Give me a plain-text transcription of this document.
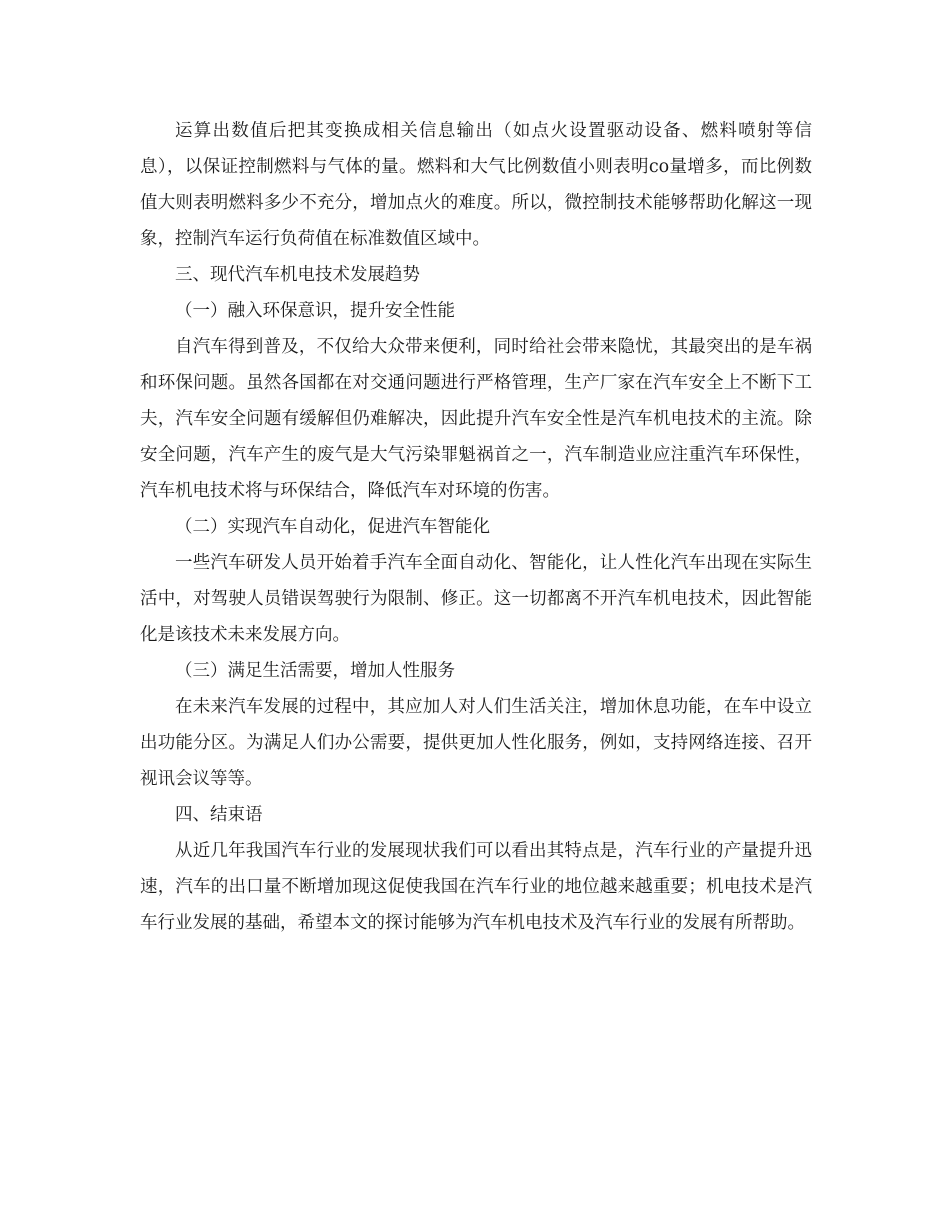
运算出数值后把其变换成相关信息输出（如点火设置驱动设备、燃料喷射等信息），以保证控制燃料与气体的量。燃料和大气比例数值小则表明co量增多，而比例数值大则表明燃料多少不充分，增加点火的难度。所以，微控制技术能够帮助化解这一现象，控制汽车运行负荷值在标准数值区域中。

三、现代汽车机电技术发展趋势
（一）融入环保意识，提升安全性能

自汽车得到普及，不仅给大众带来便利，同时给社会带来隐忧，其最突出的是车祸和环保问题。虽然各国都在对交通问题进行严格管理，生产厂家在汽车安全上不断下工夫，汽车安全问题有缓解但仍难解决，因此提升汽车安全性是汽车机电技术的主流。除安全问题，汽车产生的废气是大气污染罪魁祸首之一，汽车制造业应注重汽车环保性，汽车机电技术将与环保结合，降低汽车对环境的伤害。

（二）实现汽车自动化，促进汽车智能化

一些汽车研发人员开始着手汽车全面自动化、智能化，让人性化汽车出现在实际生活中，对驾驶人员错误驾驶行为限制、修正。这一切都离不开汽车机电技术，因此智能化是该技术未来发展方向。

（三）满足生活需要，增加人性服务

在未来汽车发展的过程中，其应加人对人们生活关注，增加休息功能，在车中设立出功能分区。为满足人们办公需要，提供更加人性化服务，例如，支持网络连接、召开视讯会议等等。

四、结束语

从近几年我国汽车行业的发展现状我们可以看出其特点是，汽车行业的产量提升迅速，汽车的出口量不断增加现这促使我国在汽车行业的地位越来越重要；机电技术是汽车行业发展的基础，希望本文的探讨能够为汽车机电技术及汽车行业的发展有所帮助。
